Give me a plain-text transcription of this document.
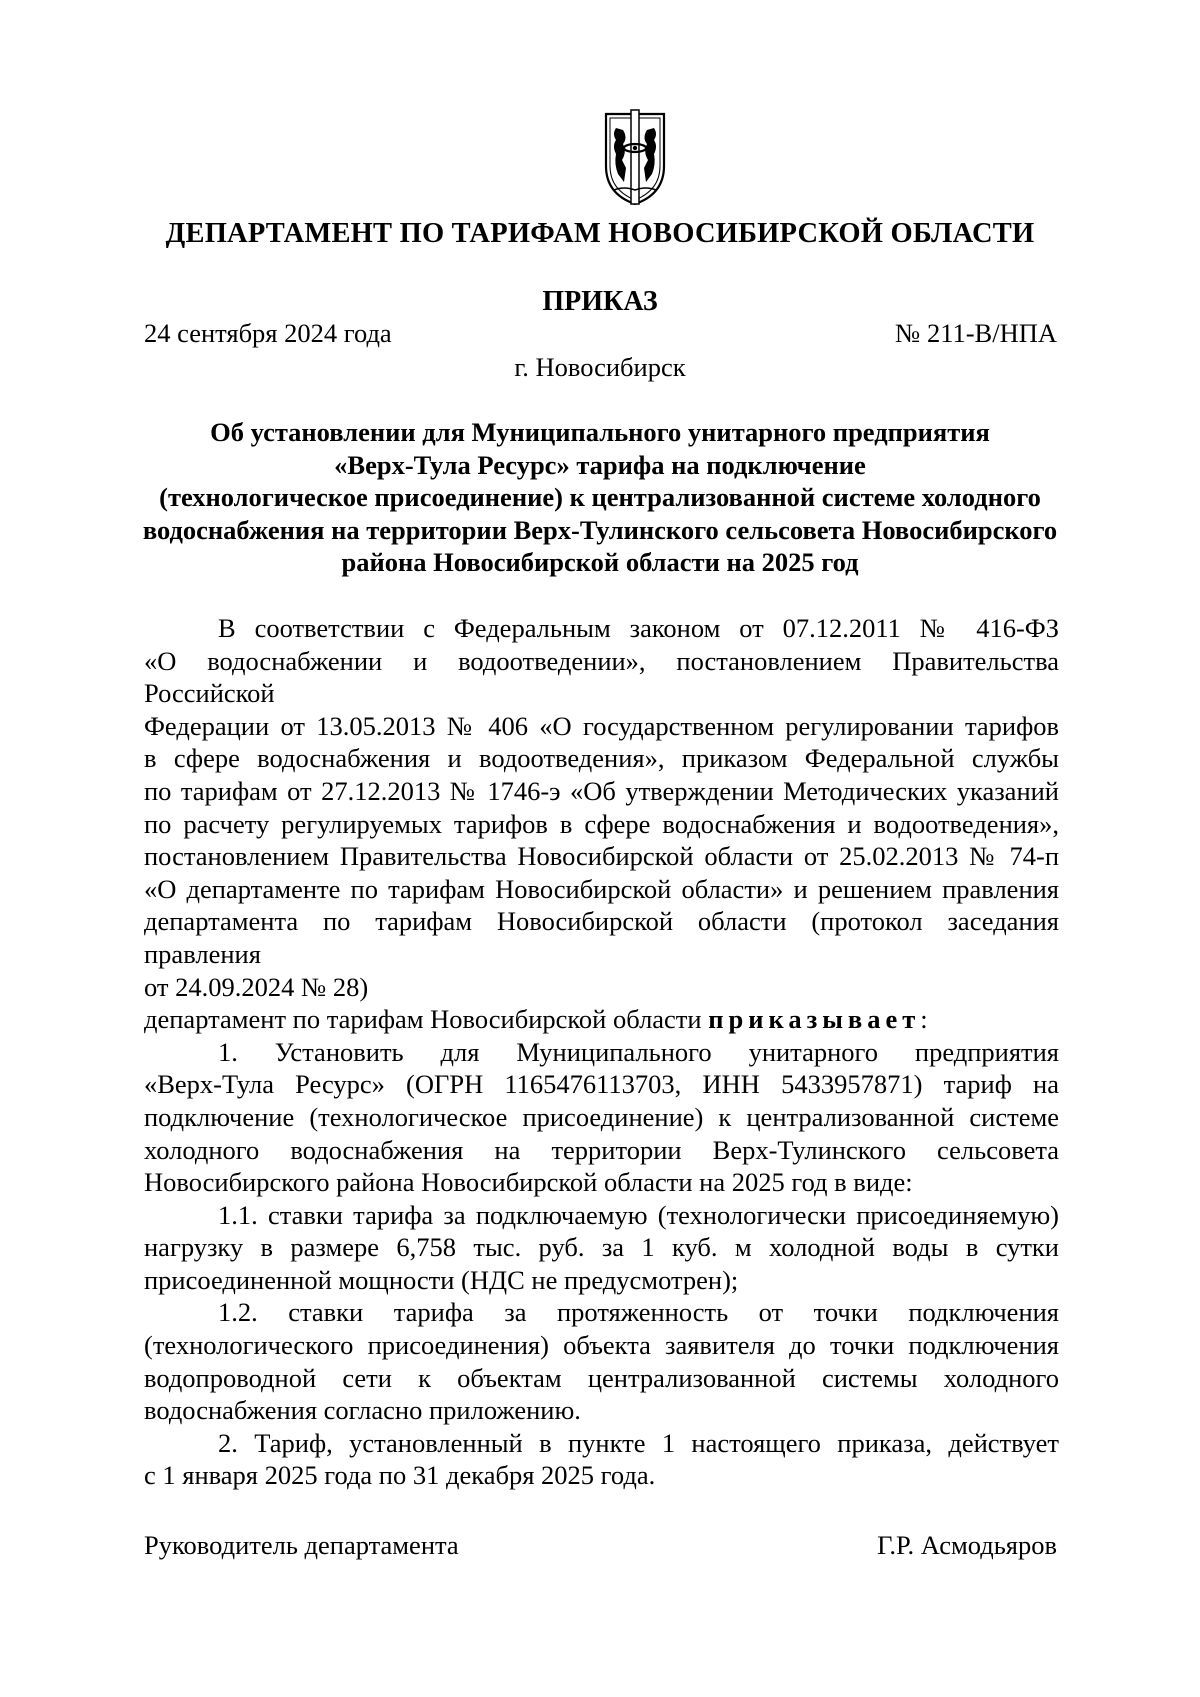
ДЕПАРТАМЕНТ ПО ТАРИФАМ НОВОСИБИРСКОЙ ОБЛАСТИ
ПРИКАЗ
24 сентября 2024 года	№ 211-В/НПА
г. Новосибирск
Об установлении для Муниципального унитарного предприятия
«Верх-Тула Ресурс» тарифа на подключение
(технологическое присоединение) к централизованной системе холодного
водоснабжения на территории Верх-Тулинского сельсовета Новосибирского
района Новосибирской области на 2025 год

В соответствии с Федеральным законом от 07.12.2011 № 416-ФЗ

«О водоснабжении и водоотведении», постановлением Правительства Российской

Федерации от 13.05.2013 № 406 «О государственном регулировании тарифов

в сфере водоснабжения и водоотведения», приказом Федеральной службы

по тарифам от 27.12.2013 № 1746-э «Об утверждении Методических указаний

по расчету регулируемых тарифов в сфере водоснабжения и водоотведения»,

постановлением Правительства Новосибирской области от 25.02.2013 № 74-п

«О департаменте по тарифам Новосибирской области» и решением правления

департамента по тарифам Новосибирской области (протокол заседания правления

от 24.09.2024 № 28)

департамент по тарифам Новосибирской области приказывает:

1. Установить для Муниципального унитарного предприятия

«Верх-Тула Ресурс» (ОГРН 1165476113703, ИНН 5433957871) тариф на

подключение (технологическое присоединение) к централизованной системе

холодного водоснабжения на территории Верх-Тулинского сельсовета

Новосибирского района Новосибирской области на 2025 год в виде:

1.1. ставки тарифа за подключаемую (технологически присоединяемую)

нагрузку в размере 6,758 тыс. руб. за 1 куб. м холодной воды в сутки

присоединенной мощности (НДС не предусмотрен);

1.2. ставки тарифа за протяженность от точки подключения

(технологического присоединения) объекта заявителя до точки подключения

водопроводной сети к объектам централизованной системы холодного

водоснабжения согласно приложению.

2. Тариф, установленный в пункте 1 настоящего приказа, действует

с 1 января 2025 года по 31 декабря 2025 года.

Руководитель департамента	Г.Р. Асмодьяров
